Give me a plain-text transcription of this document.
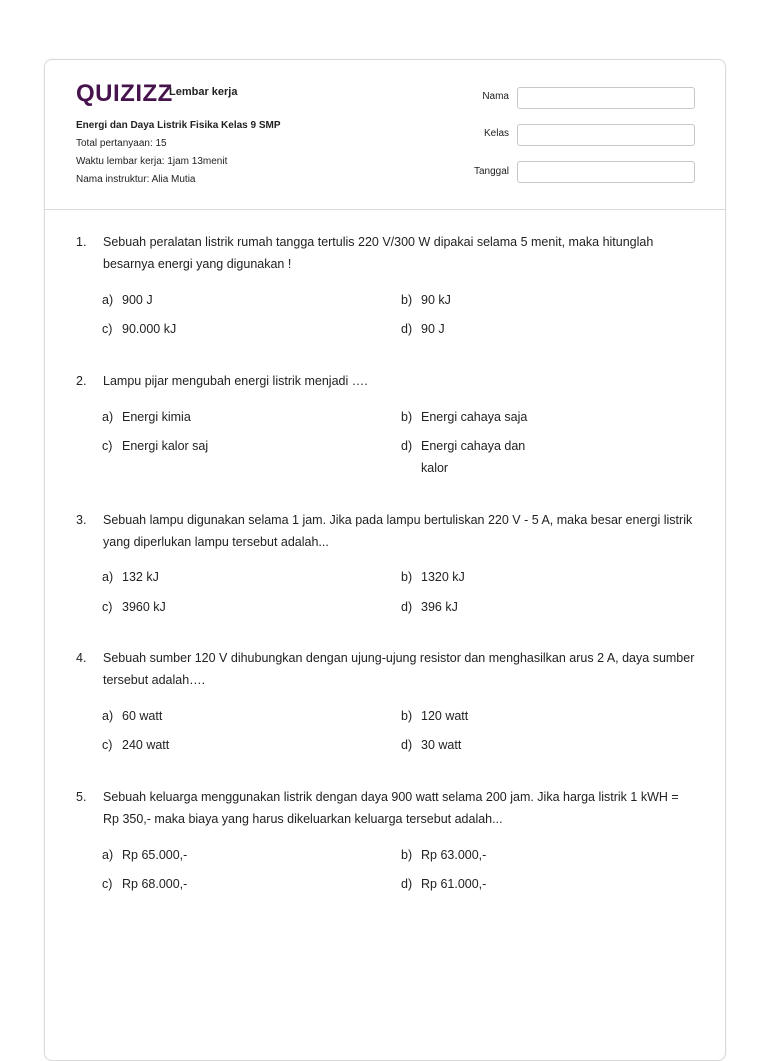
QUIZIZZ
Lembar kerja
Energi dan Daya Listrik Fisika Kelas 9 SMP
Total pertanyaan: 15
Waktu lembar kerja: 1jam 13menit
Nama instruktur: Alia Mutia
Nama
Kelas
Tanggal
1. Sebuah peralatan listrik rumah tangga tertulis 220 V/300 W dipakai selama 5 menit, maka hitunglah besarnya energi yang digunakan !
a) 900 J	b) 90 kJ
c) 90.000 kJ	d) 90 J
2. Lampu pijar mengubah energi listrik menjadi ….
a) Energi kimia	b) Energi cahaya saja
c) Energi kalor saj	d) Energi cahaya dan kalor
3. Sebuah lampu digunakan selama 1 jam. Jika pada lampu bertuliskan 220 V - 5 A, maka besar energi listrik yang diperlukan lampu tersebut adalah...
a) 132 kJ	b) 1320 kJ
c) 3960 kJ	d) 396 kJ
4. Sebuah sumber 120 V dihubungkan dengan ujung-ujung resistor dan menghasilkan arus 2 A, daya sumber tersebut adalah….
a) 60 watt	b) 120 watt
c) 240 watt	d) 30 watt
5. Sebuah keluarga menggunakan listrik dengan daya 900 watt selama 200 jam. Jika harga listrik 1 kWH = Rp 350,- maka biaya yang harus dikeluarkan keluarga tersebut adalah...
a) Rp 65.000,-	b) Rp 63.000,-
c) Rp 68.000,-	d) Rp 61.000,-
